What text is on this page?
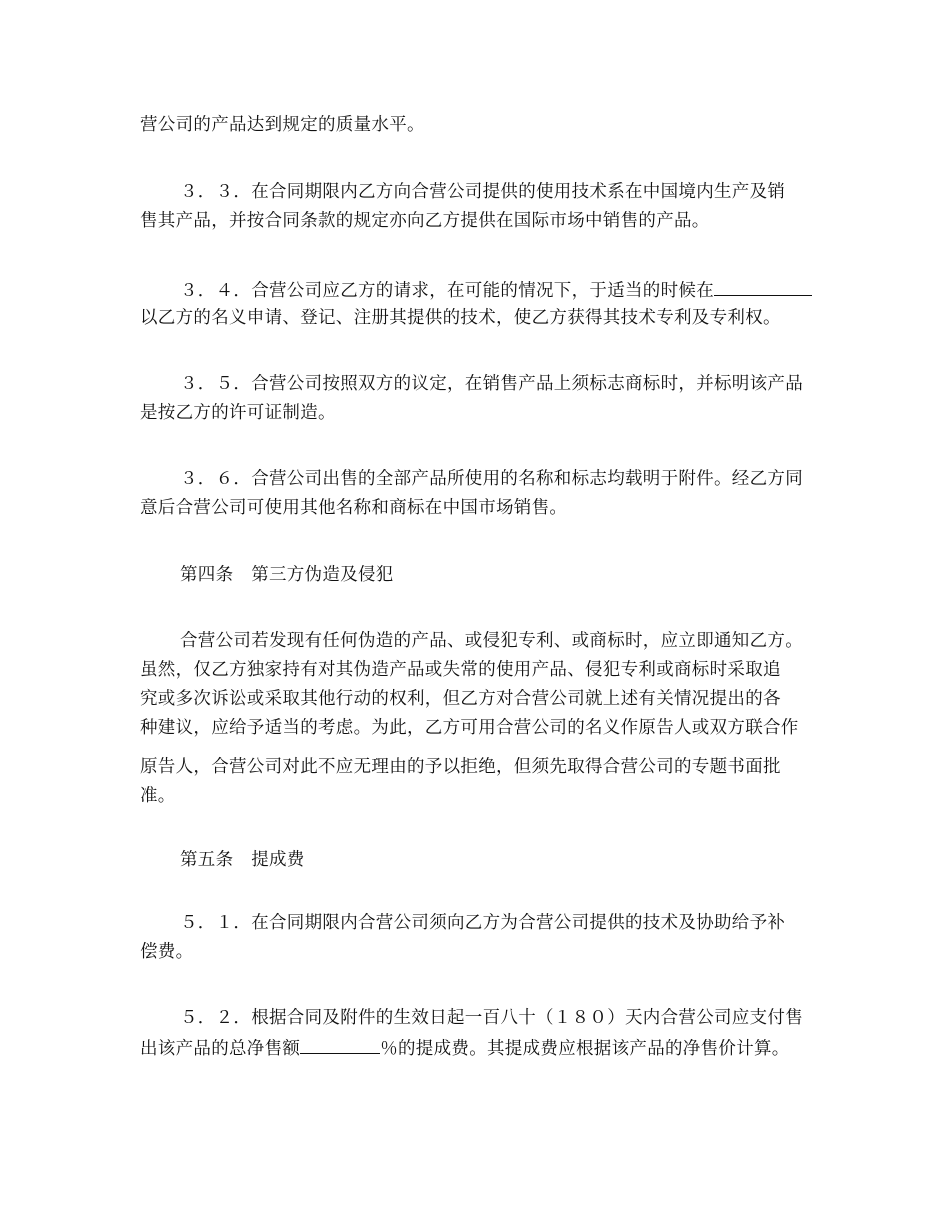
营公司的产品达到规定的质量水平。
３．３．在合同期限内乙方向合营公司提供的使用技术系在中国境内生产及销
售其产品，并按合同条款的规定亦向乙方提供在国际市场中销售的产品。
３．４．合营公司应乙方的请求，在可能的情况下，于适当的时候在
以乙方的名义申请、登记、注册其提供的技术，使乙方获得其技术专利及专利权。
３．５．合营公司按照双方的议定，在销售产品上须标志商标时，并标明该产品
是按乙方的许可证制造。
３．６．合营公司出售的全部产品所使用的名称和标志均载明于附件。经乙方同
意后合营公司可使用其他名称和商标在中国市场销售。
第四条　第三方伪造及侵犯
合营公司若发现有任何伪造的产品、或侵犯专利、或商标时，应立即通知乙方。
虽然，仅乙方独家持有对其伪造产品或失常的使用产品、侵犯专利或商标时采取追
究或多次诉讼或采取其他行动的权利，但乙方对合营公司就上述有关情况提出的各
种建议，应给予适当的考虑。为此，乙方可用合营公司的名义作原告人或双方联合作
原告人，合营公司对此不应无理由的予以拒绝，但须先取得合营公司的专题书面批
准。
第五条　提成费
５．１．在合同期限内合营公司须向乙方为合营公司提供的技术及协助给予补
偿费。
５．２．根据合同及附件的生效日起一百八十（１８０）天内合营公司应支付售
出该产品的总净售额	％的提成费。其提成费应根据该产品的净售价计算。
